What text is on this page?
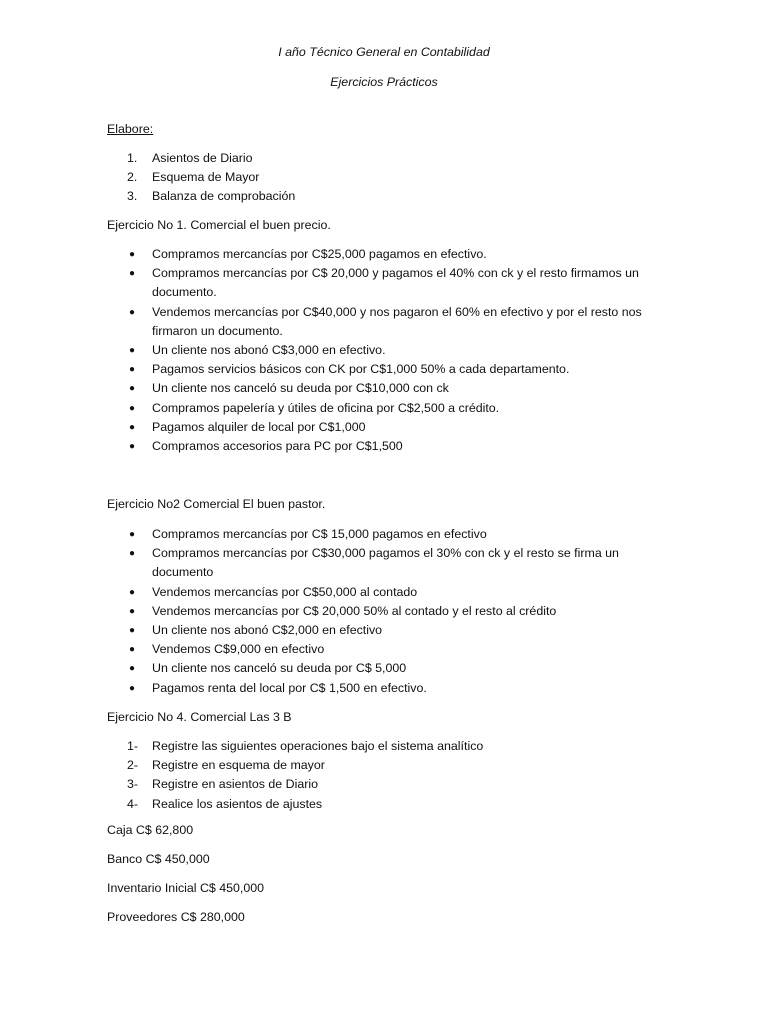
I año Técnico General en Contabilidad
Ejercicios Prácticos
Elabore:
1.	Asientos de Diario
2.	Esquema de Mayor
3.	Balanza de comprobación
Ejercicio No 1. Comercial el buen precio.
●	Compramos mercancías por C$25,000 pagamos en efectivo.
●	Compramos mercancías por C$ 20,000 y pagamos el 40% con ck y el resto firmamos un documento.
●	Vendemos mercancías por C$40,000 y nos pagaron el 60% en efectivo y por el resto nos firmaron un documento.
●	Un cliente nos abonó C$3,000 en efectivo.
●	Pagamos servicios básicos con CK por C$1,000 50% a cada departamento.
●	Un cliente nos canceló su deuda por C$10,000 con ck
●	Compramos papelería y útiles de oficina por C$2,500 a crédito.
●	Pagamos alquiler de local por C$1,000
●	Compramos accesorios para PC por C$1,500
Ejercicio No2 Comercial El buen pastor.
●	Compramos mercancías por C$ 15,000 pagamos en efectivo
●	Compramos mercancías por C$30,000 pagamos el 30% con ck y el resto se firma un documento
●	Vendemos mercancías por C$50,000 al contado
●	Vendemos mercancías por C$ 20,000 50% al contado y el resto al crédito
●	Un cliente nos abonó C$2,000 en efectivo
●	Vendemos C$9,000 en efectivo
●	Un cliente nos canceló su deuda por C$ 5,000
●	Pagamos renta del local por C$ 1,500 en efectivo.
Ejercicio No 4. Comercial Las 3 B
1-	Registre las siguientes operaciones bajo el sistema analítico
2-	Registre en esquema de mayor
3-	Registre en asientos de Diario
4-	Realice los asientos de ajustes
Caja C$ 62,800
Banco C$ 450,000
Inventario Inicial C$ 450,000
Proveedores C$ 280,000
